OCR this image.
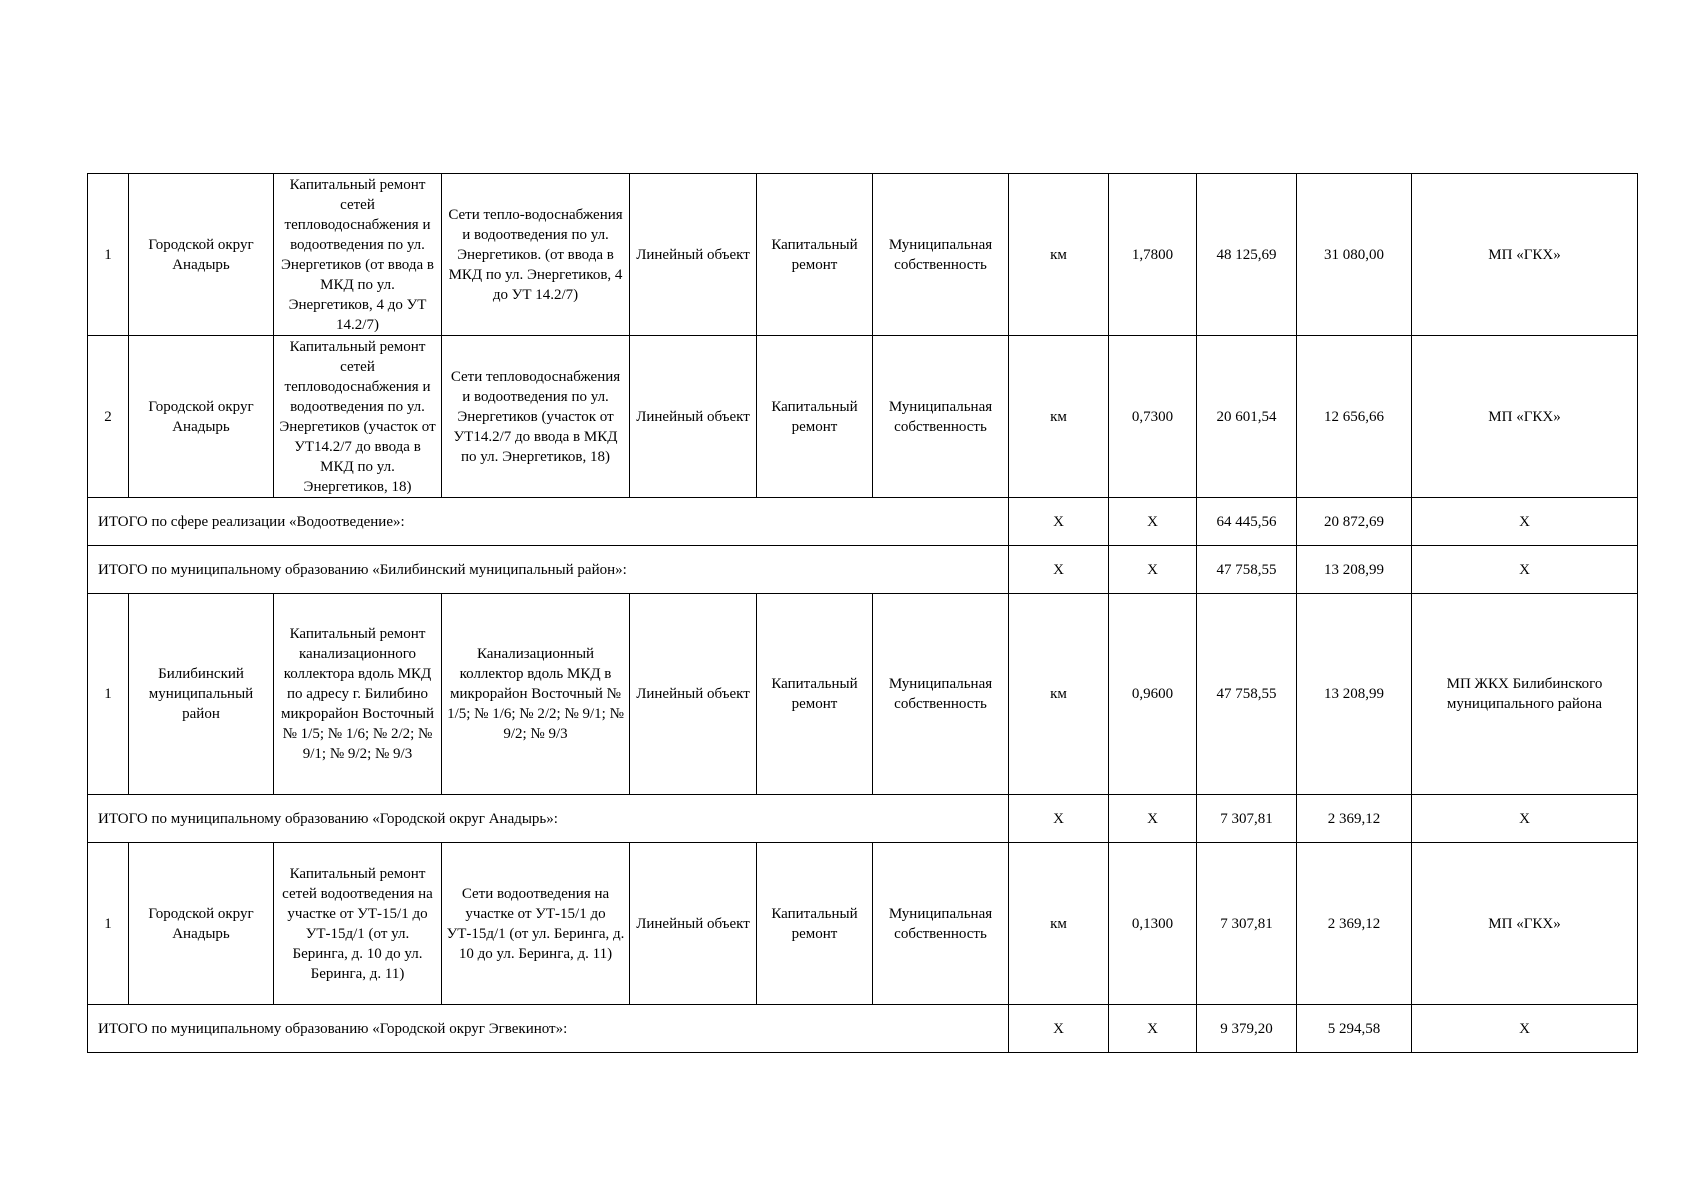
1	Городской округ Анадырь	Капитальный ремонт сетей тепловодоснабжения и водоотведения по ул. Энергетиков (от ввода в МКД по ул. Энергетиков, 4 до УТ 14.2/7)	Сети тепло-водоснабжения и водоотведения по ул. Энергетиков. (от ввода в МКД по ул. Энергетиков, 4 до УТ 14.2/7)	Линейный объект	Капитальный ремонт	Муниципальная собственность	км	1,7800	48 125,69	31 080,00	МП «ГКХ»
2	Городской округ Анадырь	Капитальный ремонт сетей тепловодоснабжения и водоотведения по ул. Энергетиков (участок от УТ14.2/7 до ввода в МКД по ул. Энергетиков, 18)	Сети тепловодоснабжения и водоотведения по ул. Энергетиков (участок от УТ14.2/7 до ввода в МКД по ул. Энергетиков, 18)	Линейный объект	Капитальный ремонт	Муниципальная собственность	км	0,7300	20 601,54	12 656,66	МП «ГКХ»
ИТОГО по сфере реализации «Водоотведение»:							X	X	64 445,56	20 872,69	X
ИТОГО по муниципальному образованию «Билибинский муниципальный район»:							X	X	47 758,55	13 208,99	X
1	Билибинский муниципальный район	Капитальный ремонт канализационного коллектора вдоль МКД по адресу г. Билибино микрорайон Восточный № 1/5; № 1/6; № 2/2; № 9/1; № 9/2; № 9/3	Канализационный коллектор вдоль МКД в микрорайон Восточный № 1/5; № 1/6; № 2/2; № 9/1; № 9/2; № 9/3	Линейный объект	Капитальный ремонт	Муниципальная собственность	км	0,9600	47 758,55	13 208,99	МП ЖКХ Билибинского муниципального района
ИТОГО по муниципальному образованию «Городской округ Анадырь»:							X	X	7 307,81	2 369,12	X
1	Городской округ Анадырь	Капитальный ремонт сетей водоотведения на участке от УТ-15/1 до УТ-15д/1 (от ул. Беринга, д. 10 до ул. Беринга, д. 11)	Сети водоотведения на участке от УТ-15/1 до УТ-15д/1 (от ул. Беринга, д. 10 до ул. Беринга, д. 11)	Линейный объект	Капитальный ремонт	Муниципальная собственность	км	0,1300	7 307,81	2 369,12	МП «ГКХ»
ИТОГО по муниципальному образованию «Городской округ Эгвекинот»:							X	X	9 379,20	5 294,58	X
